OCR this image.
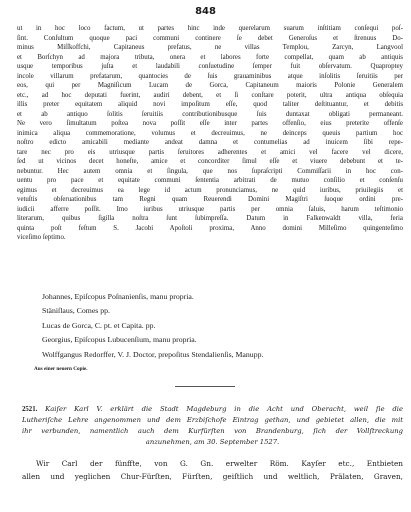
848
ut in hoc loco factum, ut partes hinc inde querelarum suarum inſtitiam conſequi poſ-
ſint. Conſultum quoque paci communi continere ſe debet Generoſus et ſtrenuus Do-
minus Miſſkoffchi, Capitaneus prefatus, ne villas Templou, Zarcyn, Langvool
et Borſchyn ad majora tributa, onera et labores forte compellat, quam ab antiquis
usque temporibus juſta et laudabili conſuetudine ſemper fuit obſervatum. Quaproptey
incole villarum prefatarum, quantocies de ſuis grauaminibus atque inſolitis ſeruitiis per
eos, qui per Magniſicum Lucam de Gorca, Capitaneum maioris Polonie Generalem
etc., ad hoc deputati fuerint, audiri debent, et ſi conſtare poterit, ultra antiqua obſequia
illis preter equitatem aliquid novi impoſitum eſſe, quod taliter deſtituantur, et debitis
et ab antiquo ſolitis ſeruitiis contributionibusque ſuis duntaxat obligati permaneant.
Ne vero ſimultatum poſtea nova poſſit eſſe inter partes offenſio, eius preterite offenſe
inimica aliqua commemoratione, volumus et decreuimus, ne deinceps queuis partium hoc
noſtro edicto amicabili mediante andeat damna et contumelias ad inuicem ſibi repe-
tare nec pro eis utriusque partis ſeruitores adherentes et amici vel facere vel dicere,
ſed ut vicinos decet honeſte, amice et concorditer ſimul eſſe et viuere debebunt et te-
nebuntur. Hec autem omnia et ſingula, que nos ſupraſcripti Commiſſarii in hoc con-
uentu pro pace et equitate communi ſententia arbitrati de mutuo conſilio et conſenſu
egimus et decreuimus ea lege id actum pronunciamus, ne quid iuribus, priuilegiis et
vetuſtis obſeruationibus tam Regni quam Reuerendi Domini Magiſtri ſuoque ordini pre-
iudicii afferre poſſit. Imo iuribus utriusque partis per omnia ſaluis, harum teſtimonio
literarum, quibus ſigilla noſtra ſunt ſubimpreſſa. Datum in Falkenwaldt villa, feria
quinta poſt feſtum S. Jacobi Apoſtoli proxima, Anno domini Milleſimo quingenteſimo
viceſimo ſeptimo.
Johannes, Epiſcopus Poſnanienſis, manu propria.
Stäniſlaus, Comes pp.
Lucas de Gorca, C. pt. et Capita. pp.
Georgius, Epiſcopus Lubucenſium, manu propria.
Wolffgangus Redorffer, V. J. Doctor, prepoſitus Stendalienſis, Manupp.
Aus einer neuern Copie.
2521. Kaiſer Karl V. erklärt die Stadt Magdeburg in die Acht und Oberacht, weil ſie die
Lutheriſche Lehre angenommen und dem Erzbiſchofe Eintrag gethan, und gebietet allen, die mit
ihr verbunden, namentlich auch dem Kurfürſten von Brandenburg, ſich der Vollſtreckung
anzunehmen, am 30. September 1527.
Wir Carl der fünffte, von G. Gn. erwelter Röm. Kayſer etc., Entbieten
allen und yeglichen Chur-Fürſten, Fürſten, geiſtlich und weltlich, Prälaten, Graven,
